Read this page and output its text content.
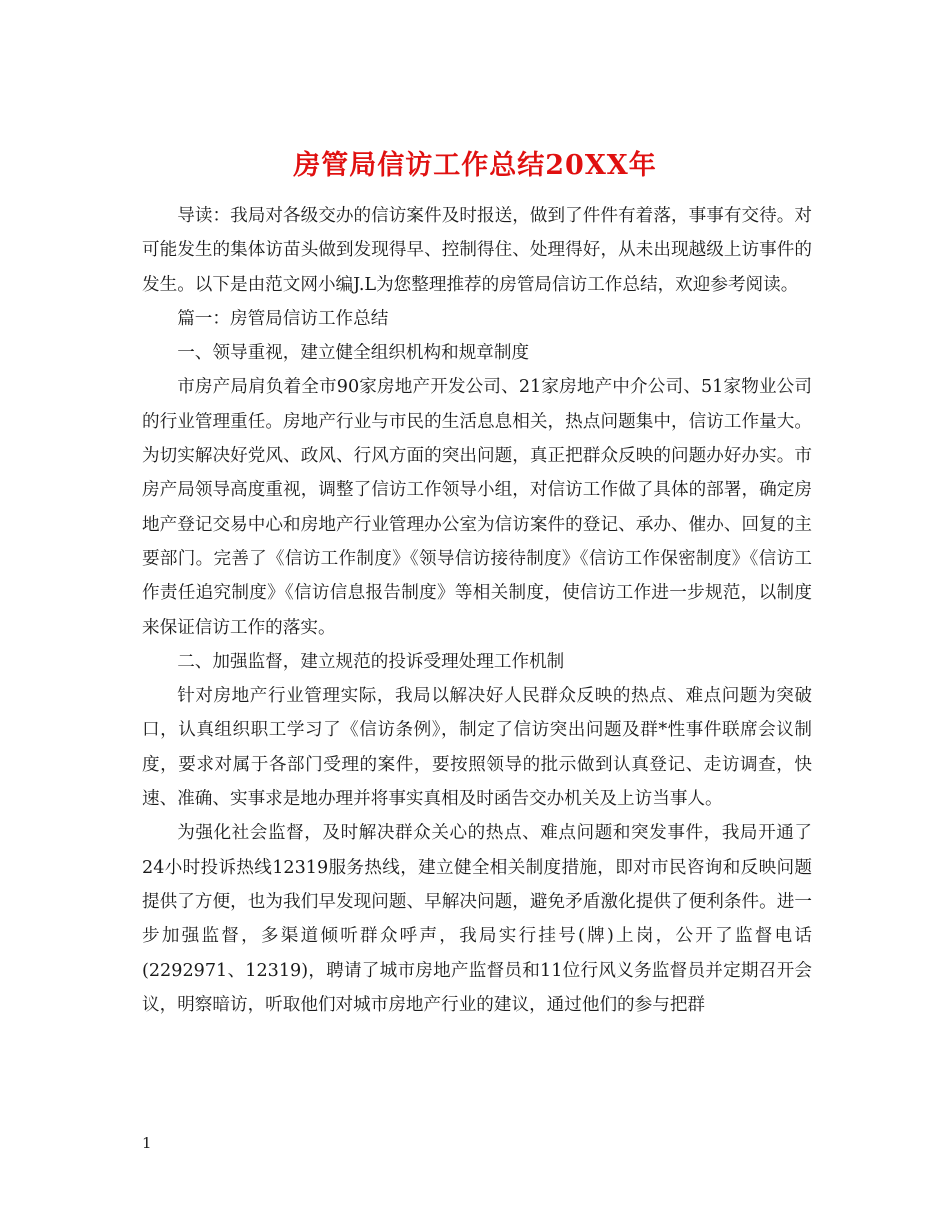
房管局信访工作总结20XX年

导读：我局对各级交办的信访案件及时报送，做到了件件有着落，事事有交待。对可能发生的集体访苗头做到发现得早、控制得住、处理得好，从未出现越级上访事件的发生。以下是由范文网小编J.L为您整理推荐的房管局信访工作总结，欢迎参考阅读。

篇一：房管局信访工作总结

一、领导重视，建立健全组织机构和规章制度

市房产局肩负着全市90家房地产开发公司、21家房地产中介公司、51家物业公司的行业管理重任。房地产行业与市民的生活息息相关，热点问题集中，信访工作量大。为切实解决好党风、政风、行风方面的突出问题，真正把群众反映的问题办好办实。市房产局领导高度重视，调整了信访工作领导小组，对信访工作做了具体的部署，确定房地产登记交易中心和房地产行业管理办公室为信访案件的登记、承办、催办、回复的主要部门。完善了《信访工作制度》《领导信访接待制度》《信访工作保密制度》《信访工作责任追究制度》《信访信息报告制度》等相关制度，使信访工作进一步规范，以制度来保证信访工作的落实。

二、加强监督，建立规范的投诉受理处理工作机制

针对房地产行业管理实际，我局以解决好人民群众反映的热点、难点问题为突破口，认真组织职工学习了《信访条例》，制定了信访突出问题及群*性事件联席会议制度，要求对属于各部门受理的案件，要按照领导的批示做到认真登记、走访调查，快速、准确、实事求是地办理并将事实真相及时函告交办机关及上访当事人。

为强化社会监督，及时解决群众关心的热点、难点问题和突发事件，我局开通了24小时投诉热线12319服务热线，建立健全相关制度措施，即对市民咨询和反映问题提供了方便，也为我们早发现问题、早解决问题，避免矛盾激化提供了便利条件。进一步加强监督，多渠道倾听群众呼声，我局实行挂号(牌)上岗，公开了监督电话(2292971、12319)，聘请了城市房地产监督员和11位行风义务监督员并定期召开会议，明察暗访，听取他们对城市房地产行业的建议，通过他们的参与把群

1
